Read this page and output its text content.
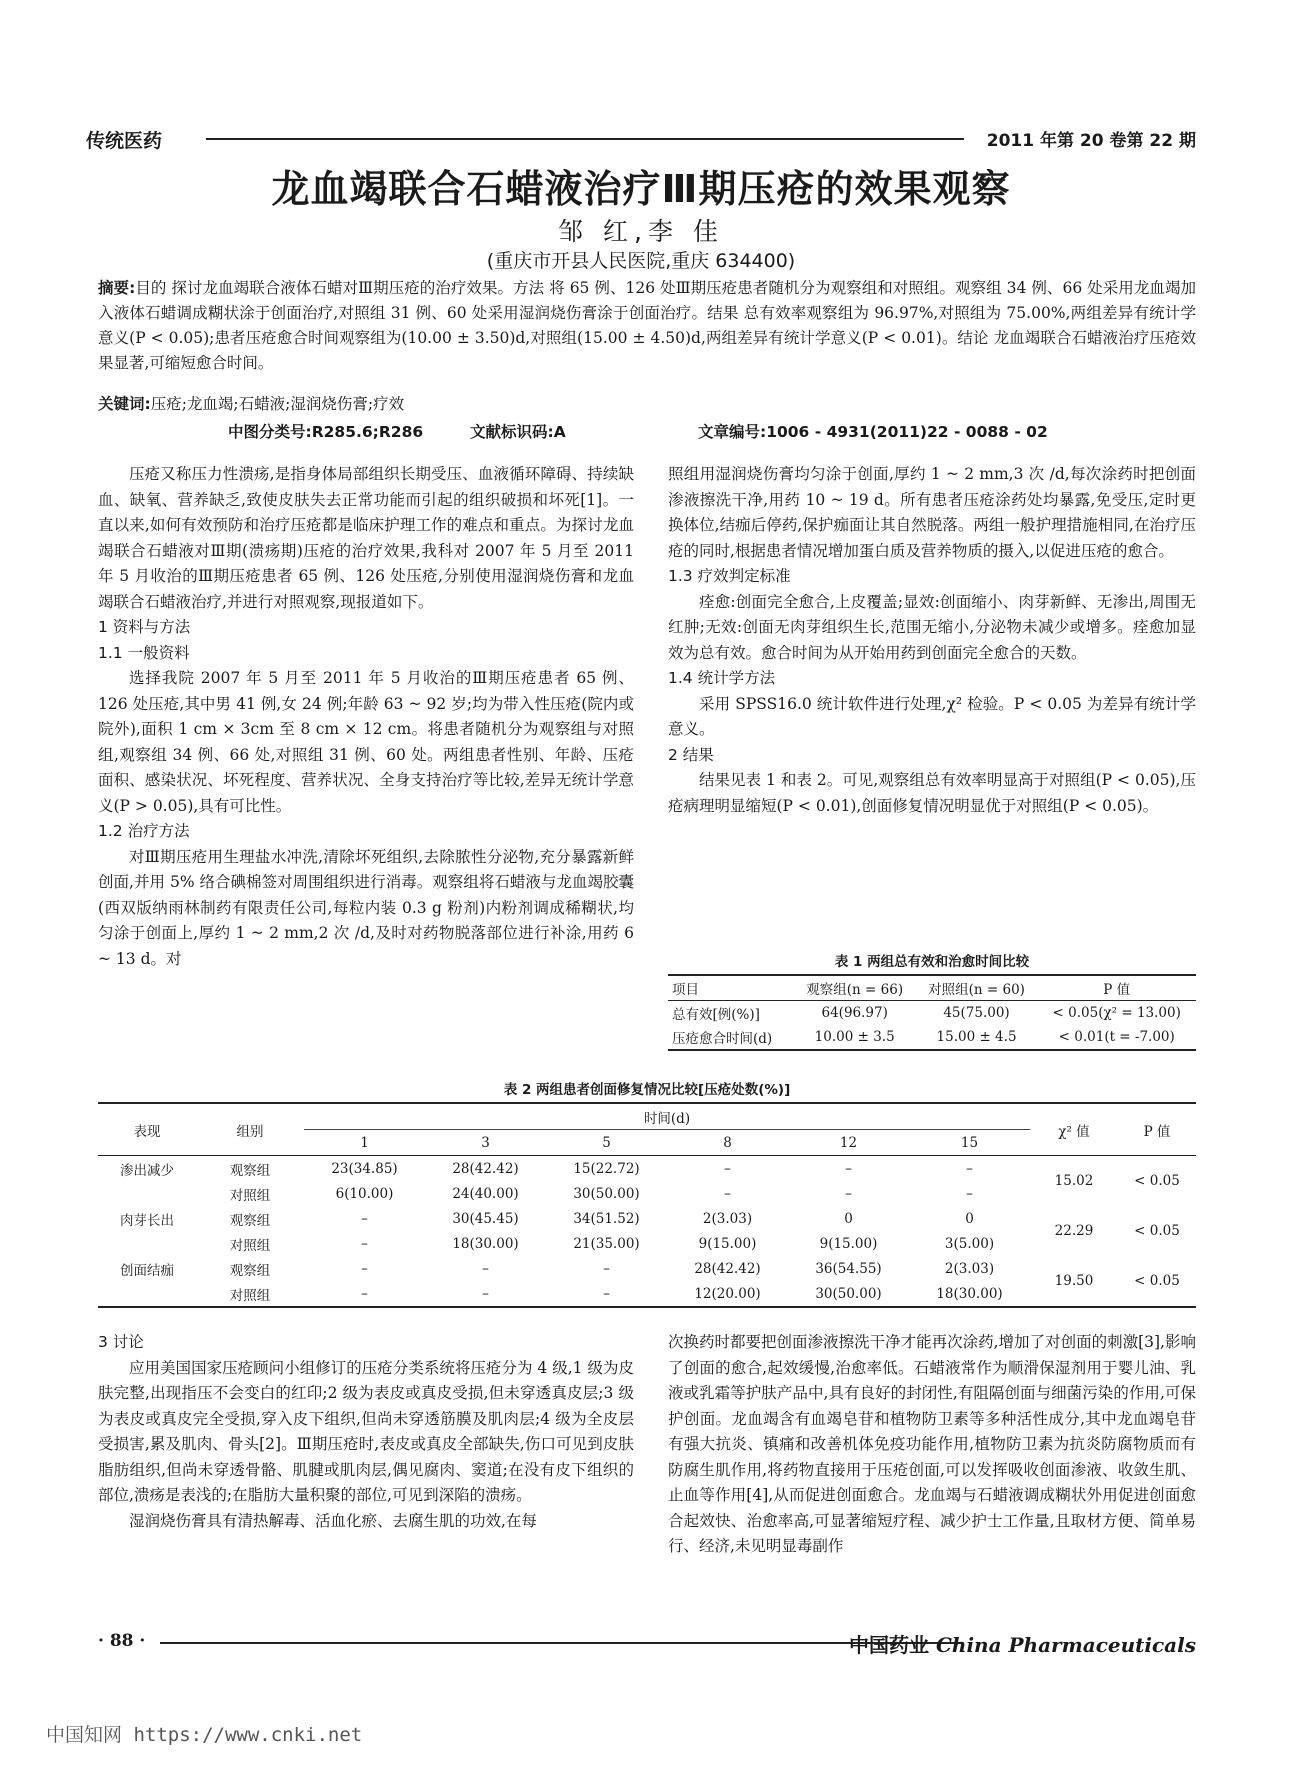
传统医药	2011 年第 20 卷第 22 期
龙血竭联合石蜡液治疗Ⅲ期压疮的效果观察
邹 红,李 佳
(重庆市开县人民医院,重庆 634400)
摘要:目的 探讨龙血竭联合液体石蜡对Ⅲ期压疮的治疗效果。方法 将 65 例、126 处Ⅲ期压疮患者随机分为观察组和对照组。观察组 34 例、66 处采用龙血竭加入液体石蜡调成糊状涂于创面治疗,对照组 31 例、60 处采用湿润烧伤膏涂于创面治疗。结果 总有效率观察组为 96.97%,对照组为 75.00%,两组差异有统计学意义(P < 0.05);患者压疮愈合时间观察组为(10.00 ± 3.50)d,对照组(15.00 ± 4.50)d,两组差异有统计学意义(P < 0.01)。结论 龙血竭联合石蜡液治疗压疮效果显著,可缩短愈合时间。
关键词:压疮;龙血竭;石蜡液;湿润烧伤膏;疗效
中图分类号:R285.6;R286	文献标识码:A	文章编号:1006 - 4931(2011)22 - 0088 - 02

压疮又称压力性溃疡,是指身体局部组织长期受压、血液循环障碍、持续缺血、缺氧、营养缺乏,致使皮肤失去正常功能而引起的组织破损和坏死[1]。一直以来,如何有效预防和治疗压疮都是临床护理工作的难点和重点。为探讨龙血竭联合石蜡液对Ⅲ期(溃疡期)压疮的治疗效果,我科对 2007 年 5 月至 2011 年 5 月收治的Ⅲ期压疮患者 65 例、126 处压疮,分别使用湿润烧伤膏和龙血竭联合石蜡液治疗,并进行对照观察,现报道如下。

1 资料与方法

1.1 一般资料

选择我院 2007 年 5 月至 2011 年 5 月收治的Ⅲ期压疮患者 65 例、126 处压疮,其中男 41 例,女 24 例;年龄 63 ~ 92 岁;均为带入性压疮(院内或院外),面积 1 cm × 3cm 至 8 cm × 12 cm。将患者随机分为观察组与对照组,观察组 34 例、66 处,对照组 31 例、60 处。两组患者性别、年龄、压疮面积、感染状况、坏死程度、营养状况、全身支持治疗等比较,差异无统计学意义(P > 0.05),具有可比性。

1.2 治疗方法

对Ⅲ期压疮用生理盐水冲洗,清除坏死组织,去除脓性分泌物,充分暴露新鲜创面,并用 5% 络合碘棉签对周围组织进行消毒。观察组将石蜡液与龙血竭胶囊(西双版纳雨林制药有限责任公司,每粒内装 0.3 g 粉剂)内粉剂调成稀糊状,均匀涂于创面上,厚约 1 ~ 2 mm,2 次 /d,及时对药物脱落部位进行补涂,用药 6 ~ 13 d。对

照组用湿润烧伤膏均匀涂于创面,厚约 1 ~ 2 mm,3 次 /d,每次涂药时把创面渗液擦洗干净,用药 10 ~ 19 d。所有患者压疮涂药处均暴露,免受压,定时更换体位,结痂后停药,保护痂面让其自然脱落。两组一般护理措施相同,在治疗压疮的同时,根据患者情况增加蛋白质及营养物质的摄入,以促进压疮的愈合。

1.3 疗效判定标准

痊愈:创面完全愈合,上皮覆盖;显效:创面缩小、肉芽新鲜、无渗出,周围无红肿;无效:创面无肉芽组织生长,范围无缩小,分泌物未减少或增多。痊愈加显效为总有效。愈合时间为从开始用药到创面完全愈合的天数。

1.4 统计学方法

采用 SPSS16.0 统计软件进行处理,χ² 检验。P < 0.05 为差异有统计学意义。

2 结果

结果见表 1 和表 2。可见,观察组总有效率明显高于对照组(P < 0.05),压疮病理明显缩短(P < 0.01),创面修复情况明显优于对照组(P < 0.05)。

表 1 两组总有效和治愈时间比较
项目	观察组(n = 66)	对照组(n = 60)	P 值
总有效[例(%)]	64(96.97)	45(75.00)	< 0.05(χ² = 13.00)
压疮愈合时间(d)	10.00 ± 3.5	15.00 ± 4.5	< 0.01(t = -7.00)
表 2 两组患者创面修复情况比较[压疮处数(%)]
表现	组别	时间(d)						χ² 值	P 值
		1	3	5	8	12	15		
渗出减少	观察组	23(34.85)	28(42.42)	15(22.72)	–	–	–	15.02	< 0.05
	对照组	6(10.00)	24(40.00)	30(50.00)	–	–	–		
肉芽长出	观察组	–	30(45.45)	34(51.52)	2(3.03)	0	0	22.29	< 0.05
	对照组	–	18(30.00)	21(35.00)	9(15.00)	9(15.00)	3(5.00)		
创面结痂	观察组	–	–	–	28(42.42)	36(54.55)	2(3.03)	19.50	< 0.05
	对照组	–	–	–	12(20.00)	30(50.00)	18(30.00)		

3 讨论

应用美国国家压疮顾问小组修订的压疮分类系统将压疮分为 4 级,1 级为皮肤完整,出现指压不会变白的红印;2 级为表皮或真皮受损,但未穿透真皮层;3 级为表皮或真皮完全受损,穿入皮下组织,但尚未穿透筋膜及肌肉层;4 级为全皮层受损害,累及肌肉、骨头[2]。Ⅲ期压疮时,表皮或真皮全部缺失,伤口可见到皮肤脂肪组织,但尚未穿透骨骼、肌腱或肌肉层,偶见腐肉、窦道;在没有皮下组织的部位,溃疡是表浅的;在脂肪大量积聚的部位,可见到深陷的溃疡。

湿润烧伤膏具有清热解毒、活血化瘀、去腐生肌的功效,在每

次换药时都要把创面渗液擦洗干净才能再次涂药,增加了对创面的刺激[3],影响了创面的愈合,起效缓慢,治愈率低。石蜡液常作为顺滑保湿剂用于婴儿油、乳液或乳霜等护肤产品中,具有良好的封闭性,有阻隔创面与细菌污染的作用,可保护创面。龙血竭含有血竭皂苷和植物防卫素等多种活性成分,其中龙血竭皂苷有强大抗炎、镇痛和改善机体免疫功能作用,植物防卫素为抗炎防腐物质而有防腐生肌作用,将药物直接用于压疮创面,可以发挥吸收创面渗液、收敛生肌、止血等作用[4],从而促进创面愈合。龙血竭与石蜡液调成糊状外用促进创面愈合起效快、治愈率高,可显著缩短疗程、减少护士工作量,且取材方便、简单易行、经济,未见明显毒副作

· 88 ·	中国药业 China Pharmaceuticals
中国知网 https://www.cnki.net
